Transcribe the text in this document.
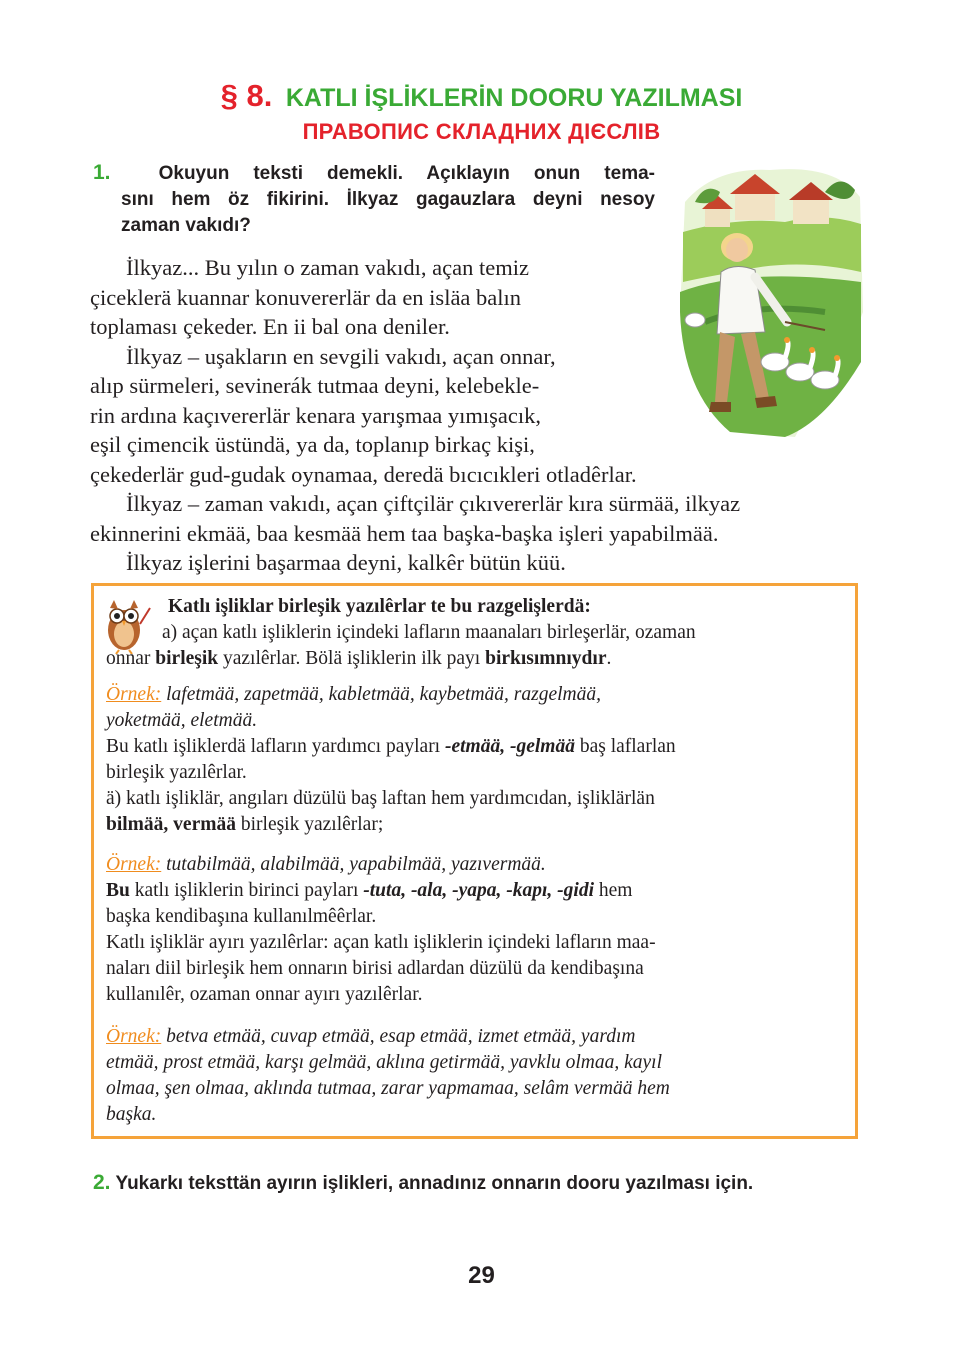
§ 8. KATLI İŞLİKLERİN DOORU YAZILMASI
ПРАВОПИС СКЛАДНИХ ДІЄСЛІВ
1.	Okuyun teksti demekli. Açıklayın onun tema-
sını hem öz fikirini. İlkyaz gagauzlara deyni nesoy
zaman vakıdı?
İlkyaz... Bu yılın o zaman vakıdı, açan temiz
çiceklerä kuannar konuvererlär da en isläa balın
toplaması çekeder. En ii bal ona deniler.
İlkyaz – uşakların en sevgili vakıdı, açan onnar,
alıp sürmeleri, sevinerák tutmaa deyni, kelebekle-
rin ardına kaçıvererlär kenara yarışmaa yımışacık,
eşil çimencik üstündä, ya da, toplanıp birkaç kişi,
çekederlär gud-gudak oynamaa, deredä bıcıcıkleri otladêrlar.
İlkyaz – zaman vakıdı, açan çiftçilär çıkıvererlär kıra sürmää, ilkyaz
ekinnerini ekmää, baa kesmää hem taa başka-başka işleri yapabilmää.
İlkyaz işlerini başarmaa deyni, kalkêr bütün küü.
Katlı işliklar birleşik yazılêrlar te bu razgelişlerdä:
a) açan katlı işliklerin içindeki lafların maanaları birleşerlär, ozaman
onnar birleşik yazılêrlar. Bölä işliklerin ilk payı birkısımnıydır.
Örnek: lafetmää, zapetmää, kabletmää, kaybetmää, razgelmää,
yoketmää, eletmää.
Bu katlı işliklerdä lafların yardımcı payları -etmää, -gelmää baş laflarlan
birleşik yazılêrlar.
ä) katlı işliklär, angıları düzülü baş laftan hem yardımcıdan, işliklärlän
bilmää, vermää birleşik yazılêrlar;
Örnek: tutabilmää, alabilmää, yapabilmää, yazıvermää.
Bu katlı işliklerin birinci payları -tuta, -ala, -yapa, -kapı, -gidi hem
başka kendibaşına kullanılmêêrlar.
Katlı işliklär ayırı yazılêrlar: açan katlı işliklerin içindeki lafların maa-
naları diil birleşik hem onnarın birisi adlardan düzülü da kendibaşına
kullanılêr, ozaman onnar ayırı yazılêrlar.
Örnek: betva etmää, cuvap etmää, esap etmää, izmet etmää, yardım
etmää, prost etmää, karşı gelmää, aklına getirmää, yavklu olmaa, kayıl
olmaa, şen olmaa, aklında tutmaa, zarar yapmamaa, selâm vermää hem
başka.
2. Yukarkı teksttän ayırın işlikleri, annadınız onnarın dooru yazılması için.
29
